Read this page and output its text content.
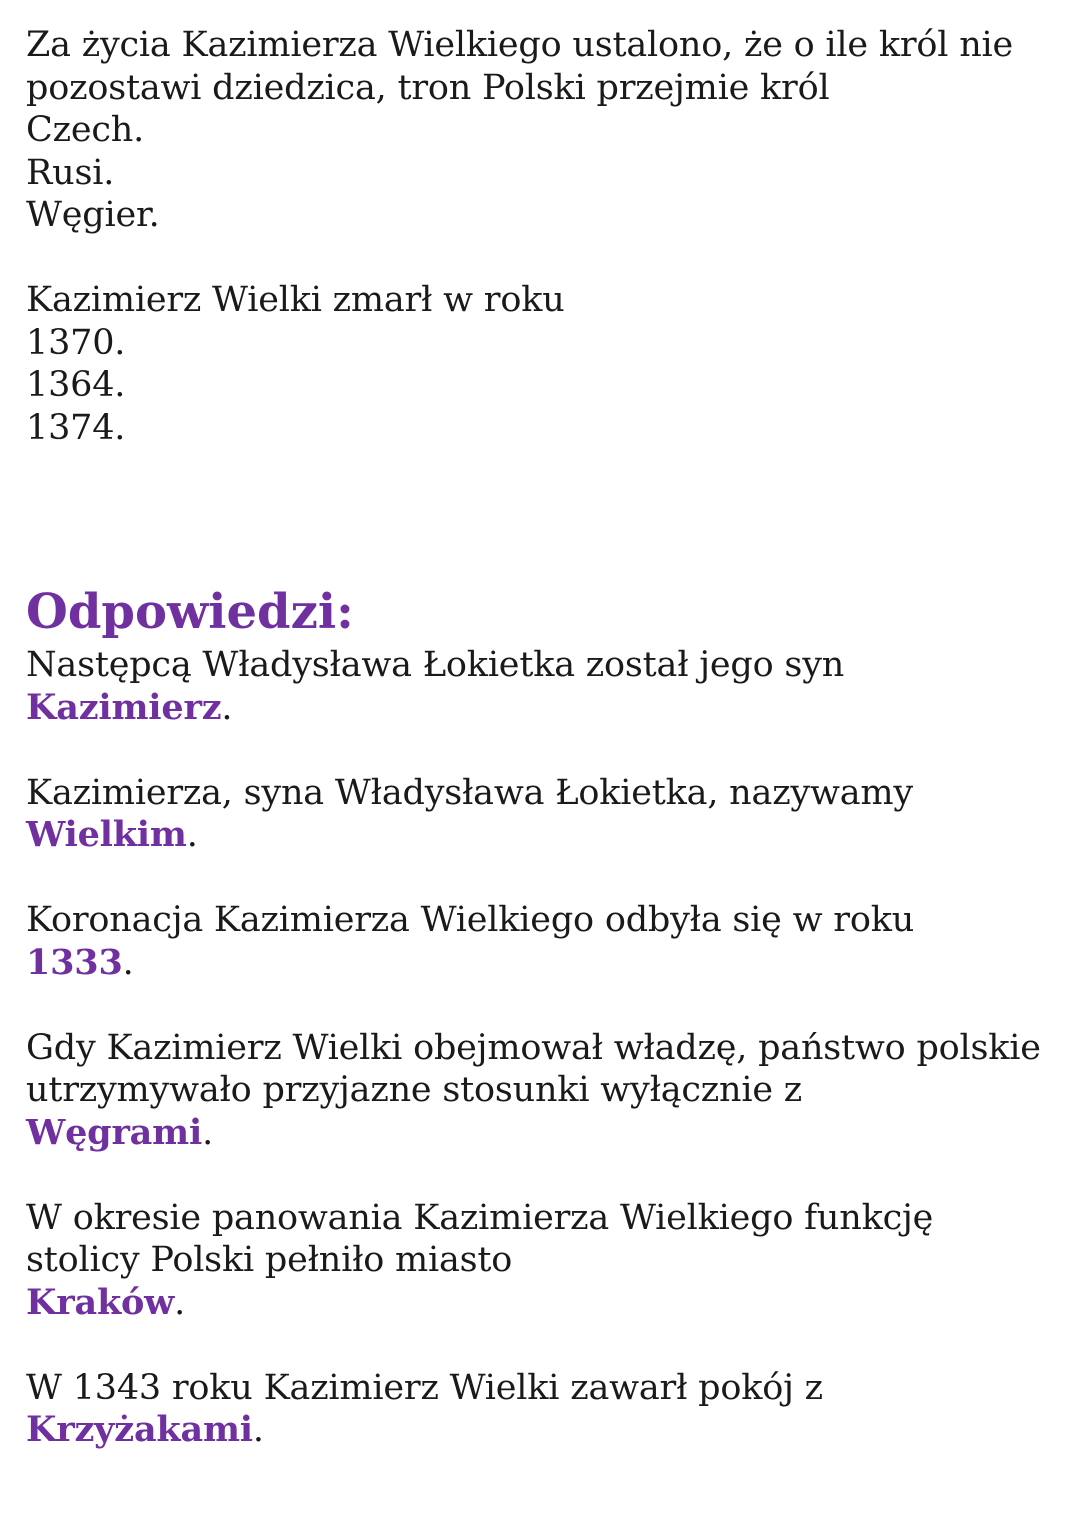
Za życia Kazimierza Wielkiego ustalono, że o ile król nie
pozostawi dziedzica, tron Polski przejmie król
Czech.
Rusi.
Węgier.
Kazimierz Wielki zmarł w roku
1370.
1364.
1374.
Odpowiedzi:
Następcą Władysława Łokietka został jego syn
Kazimierz.
Kazimierza, syna Władysława Łokietka, nazywamy
Wielkim.
Koronacja Kazimierza Wielkiego odbyła się w roku
1333.
Gdy Kazimierz Wielki obejmował władzę, państwo polskie
utrzymywało przyjazne stosunki wyłącznie z
Węgrami.
W okresie panowania Kazimierza Wielkiego funkcję
stolicy Polski pełniło miasto
Kraków.
W 1343 roku Kazimierz Wielki zawarł pokój z
Krzyżakami.
